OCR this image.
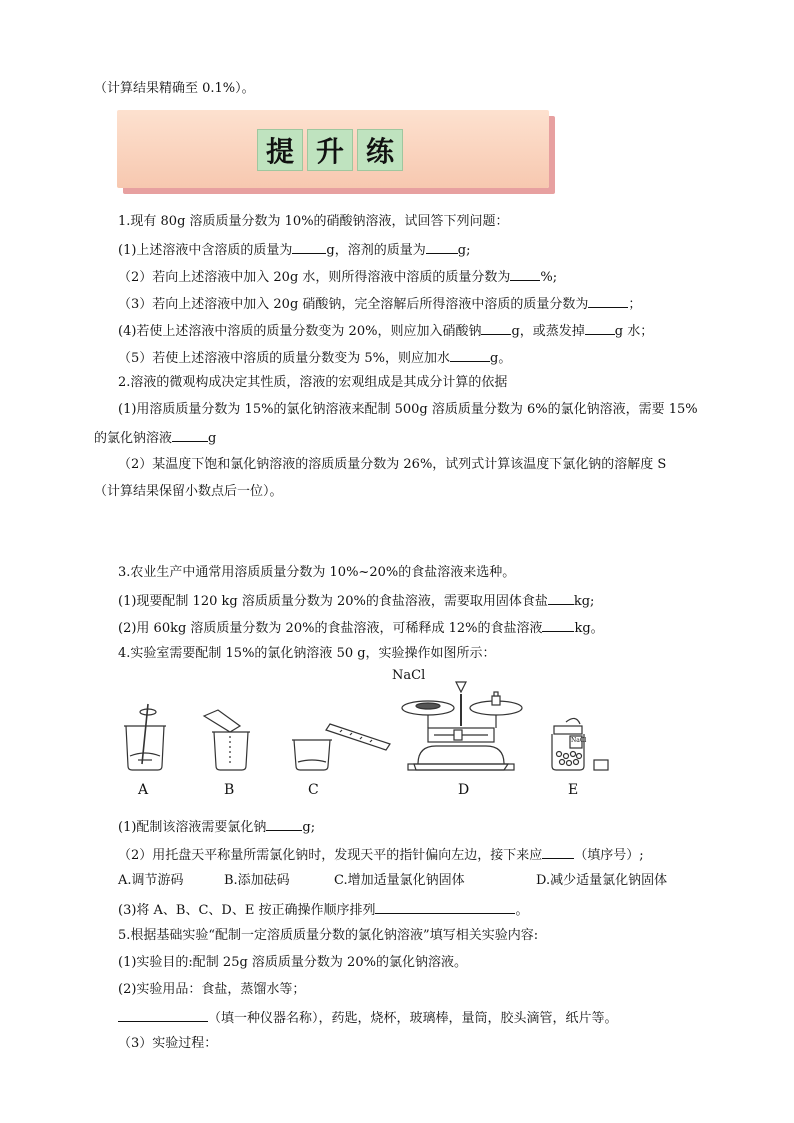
（计算结果精确至 0.1%）。
提 升 练
1.现有 80g 溶质质量分数为 10%的硝酸钠溶液，试回答下列问题：
(1)上述溶液中含溶质的质量为	g，溶剂的质量为 g;
（2）若向上述溶液中加入 20g 水，则所得溶液中溶质的质量分数为 %;
（3）若向上述溶液中加入 20g 硝酸钠，完全溶解后所得溶液中溶质的质量分数为	；
(4)若使上述溶液中溶质的质量分数变为 20%，则应加入硝酸钠 g，或蒸发掉 g 水；
（5）若使上述溶液中溶质的质量分数变为 5%，则应加水	g。
2.溶液的微观构成决定其性质，溶液的宏观组成是其成分计算的依据
(1)用溶质质量分数为 15%的氯化钠溶液来配制 500g 溶质质量分数为 6%的氯化钠溶液，需要 15%
的氯化钠溶液	g
（2）某温度下饱和氯化钠溶液的溶质质量分数为 26%，试列式计算该温度下氯化钠的溶解度 S
（计算结果保留小数点后一位）。
3.农业生产中通常用溶质质量分数为 10%~20%的食盐溶液来选种。
(1)现要配制 120 kg 溶质质量分数为 20%的食盐溶液，需要取用固体食盐 kg;
(2)用 60kg 溶质质量分数为 20%的食盐溶液，可稀释成 12%的食盐溶液 kg。
4.实验室需要配制 15%的氯化钠溶液 50 g，实验操作如图所示：
NaCl
NaCl
A	B	C	D	E
(1)配制该溶液需要氯化钠	g;
（2）用托盘天平称量所需氯化钠时，发现天平的指针偏向左边，接下来应 （填序号）;
A.调节游码	B.添加砝码	C.增加适量氯化钠固体	D.减少适量氯化钠固体
(3)将 A、B、C、D、E 按正确操作顺序排列	。
5.根据基础实验“配制一定溶质质量分数的氯化钠溶液”填写相关实验内容:
(1)实验目的:配制 25g 溶质质量分数为 20%的氯化钠溶液。
(2)实验用品：食盐，蒸馏水等；
（填一种仪器名称），药匙，烧杯，玻璃棒，量筒，胶头滴管，纸片等。
（3）实验过程：
